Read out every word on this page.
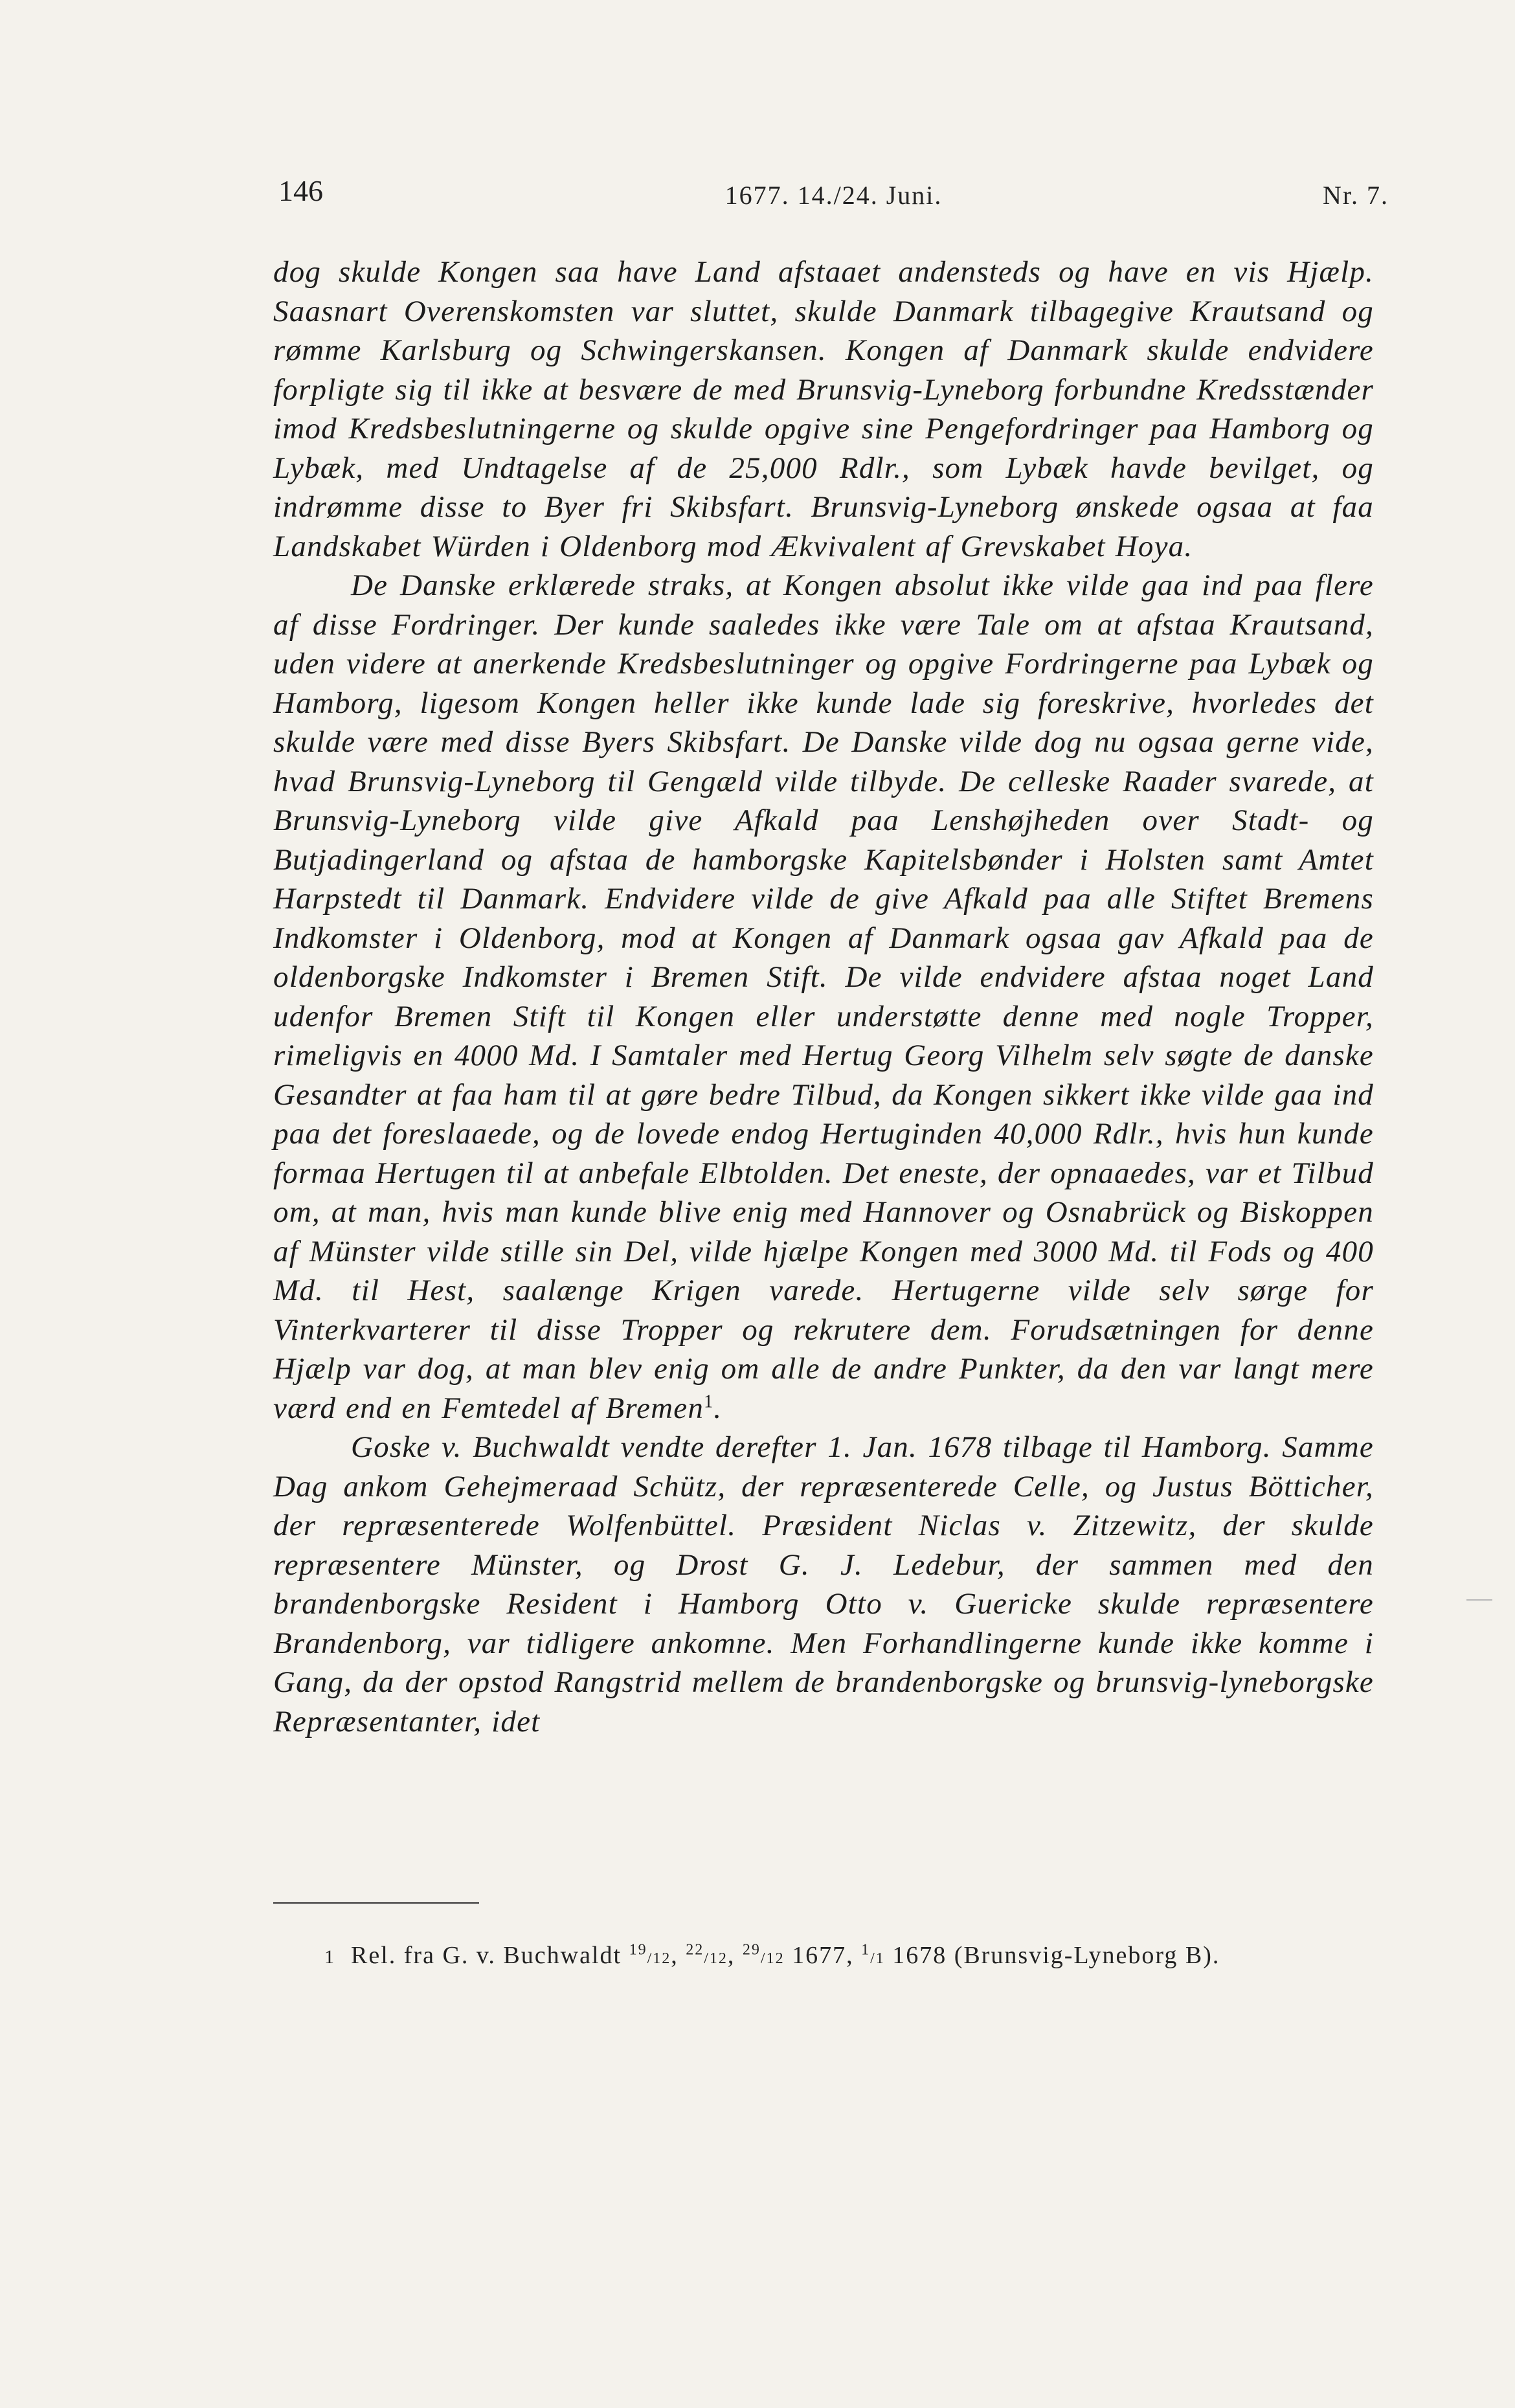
146	1677. 14./24. Juni.	Nr. 7.

dog skulde Kongen saa have Land afstaaet andensteds og have en vis Hjælp. Saasnart Overenskomsten var sluttet, skulde Danmark tilbagegive Krautsand og rømme Karlsburg og Schwingerskansen. Kongen af Danmark skulde endvidere forpligte sig til ikke at besvære de med Brunsvig-Lyneborg forbundne Kredsstænder imod Kredsbeslutningerne og skulde opgive sine Pengefordringer paa Hamborg og Lybæk, med Undtagelse af de 25,000 Rdlr., som Lybæk havde bevilget, og indrømme disse to Byer fri Skibsfart. Brunsvig-Lyneborg ønskede ogsaa at faa Landskabet Würden i Oldenborg mod Ækvivalent af Grevskabet Hoya.

De Danske erklærede straks, at Kongen absolut ikke vilde gaa ind paa flere af disse Fordringer. Der kunde saaledes ikke være Tale om at afstaa Krautsand, uden videre at anerkende Kredsbeslutninger og opgive Fordringerne paa Lybæk og Hamborg, ligesom Kongen heller ikke kunde lade sig foreskrive, hvorledes det skulde være med disse Byers Skibsfart. De Danske vilde dog nu ogsaa gerne vide, hvad Brunsvig-Lyneborg til Gengæld vilde tilbyde. De celleske Raader svarede, at Brunsvig-Lyneborg vilde give Afkald paa Lenshøjheden over Stadt- og Butjadingerland og afstaa de hamborgske Kapitelsbønder i Holsten samt Amtet Harpstedt til Danmark. Endvidere vilde de give Afkald paa alle Stiftet Bremens Indkomster i Oldenborg, mod at Kongen af Danmark ogsaa gav Afkald paa de oldenborgske Indkomster i Bremen Stift. De vilde endvidere afstaa noget Land udenfor Bremen Stift til Kongen eller understøtte denne med nogle Tropper, rimeligvis en 4000 Md. I Samtaler med Hertug Georg Vilhelm selv søgte de danske Gesandter at faa ham til at gøre bedre Tilbud, da Kongen sikkert ikke vilde gaa ind paa det foreslaaede, og de lovede endog Hertuginden 40,000 Rdlr., hvis hun kunde formaa Hertugen til at anbefale Elbtolden. Det eneste, der opnaaedes, var et Tilbud om, at man, hvis man kunde blive enig med Hannover og Osnabrück og Biskoppen af Münster vilde stille sin Del, vilde hjælpe Kongen med 3000 Md. til Fods og 400 Md. til Hest, saalænge Krigen varede. Hertugerne vilde selv sørge for Vinterkvarterer til disse Tropper og rekrutere dem. Forudsætningen for denne Hjælp var dog, at man blev enig om alle de andre Punkter, da den var langt mere værd end en Femtedel af Bremen$^1$.

Goske v. Buchwaldt vendte derefter 1. Jan. 1678 tilbage til Hamborg. Samme Dag ankom Gehejmeraad Schütz, der repræsenterede Celle, og Justus Bötticher, der repræsenterede Wolfenbüttel. Præsident Niclas v. Zitzewitz, der skulde repræsentere Münster, og Drost G. J. Ledebur, der sammen med den brandenborgske Resident i Hamborg Otto v. Guericke skulde repræsentere Brandenborg, var tidligere ankomne. Men Forhandlingerne kunde ikke komme i Gang, da der opstod Rangstrid mellem de brandenborgske og brunsvig-lyneborgske Repræsentanter, idet

1 Rel. fra G. v. Buchwaldt $^{19}$/12, $^{22}$/12, $^{29}$/12 1677, $^1$/1 1678 (Brunsvig-Lyneborg B).
